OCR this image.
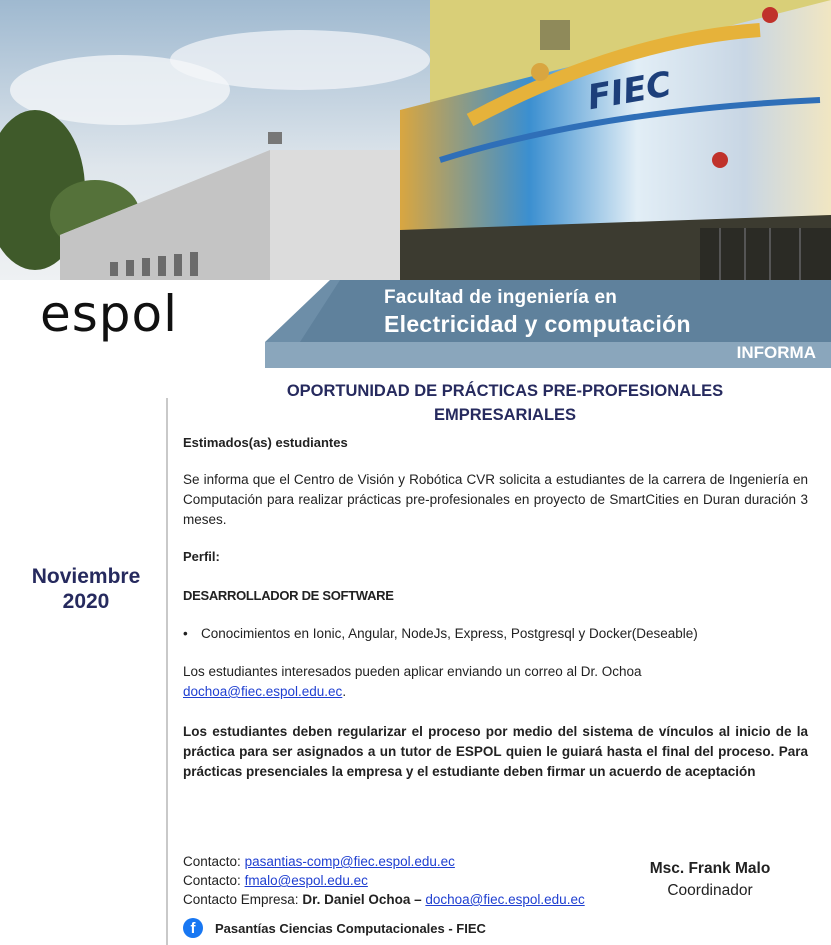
FIEC
espol	Facultad de ingeniería en
Electricidad y computación
INFORMA
OPORTUNIDAD DE PRÁCTICAS PRE-PROFESIONALES
EMPRESARIALES
Noviembre
2020
Estimados(as) estudiantes
Se informa que el Centro de Visión y Robótica CVR solicita a estudiantes de la carrera de Ingeniería en Computación para realizar prácticas pre-profesionales en proyecto de SmartCities en Duran duración 3 meses.
Perfil:
DESARROLLADOR DE SOFTWARE
• Conocimientos en Ionic, Angular, NodeJs, Express, Postgresql y Docker(Deseable)
Los estudiantes interesados pueden aplicar enviando un correo al Dr. Ochoa
dochoa@fiec.espol.edu.ec.
Los estudiantes deben regularizar el proceso por medio del sistema de vínculos al inicio de la práctica para ser asignados a un tutor de ESPOL quien le guiará hasta el final del proceso. Para prácticas presenciales la empresa y el estudiante deben firmar un acuerdo de aceptación
Contacto: pasantias-comp@fiec.espol.edu.ec
Contacto: fmalo@espol.edu.ec
Contacto Empresa: Dr. Daniel Ochoa – dochoa@fiec.espol.edu.ec
Msc. Frank Malo
Coordinador
f	Pasantías Ciencias Computacionales - FIEC
